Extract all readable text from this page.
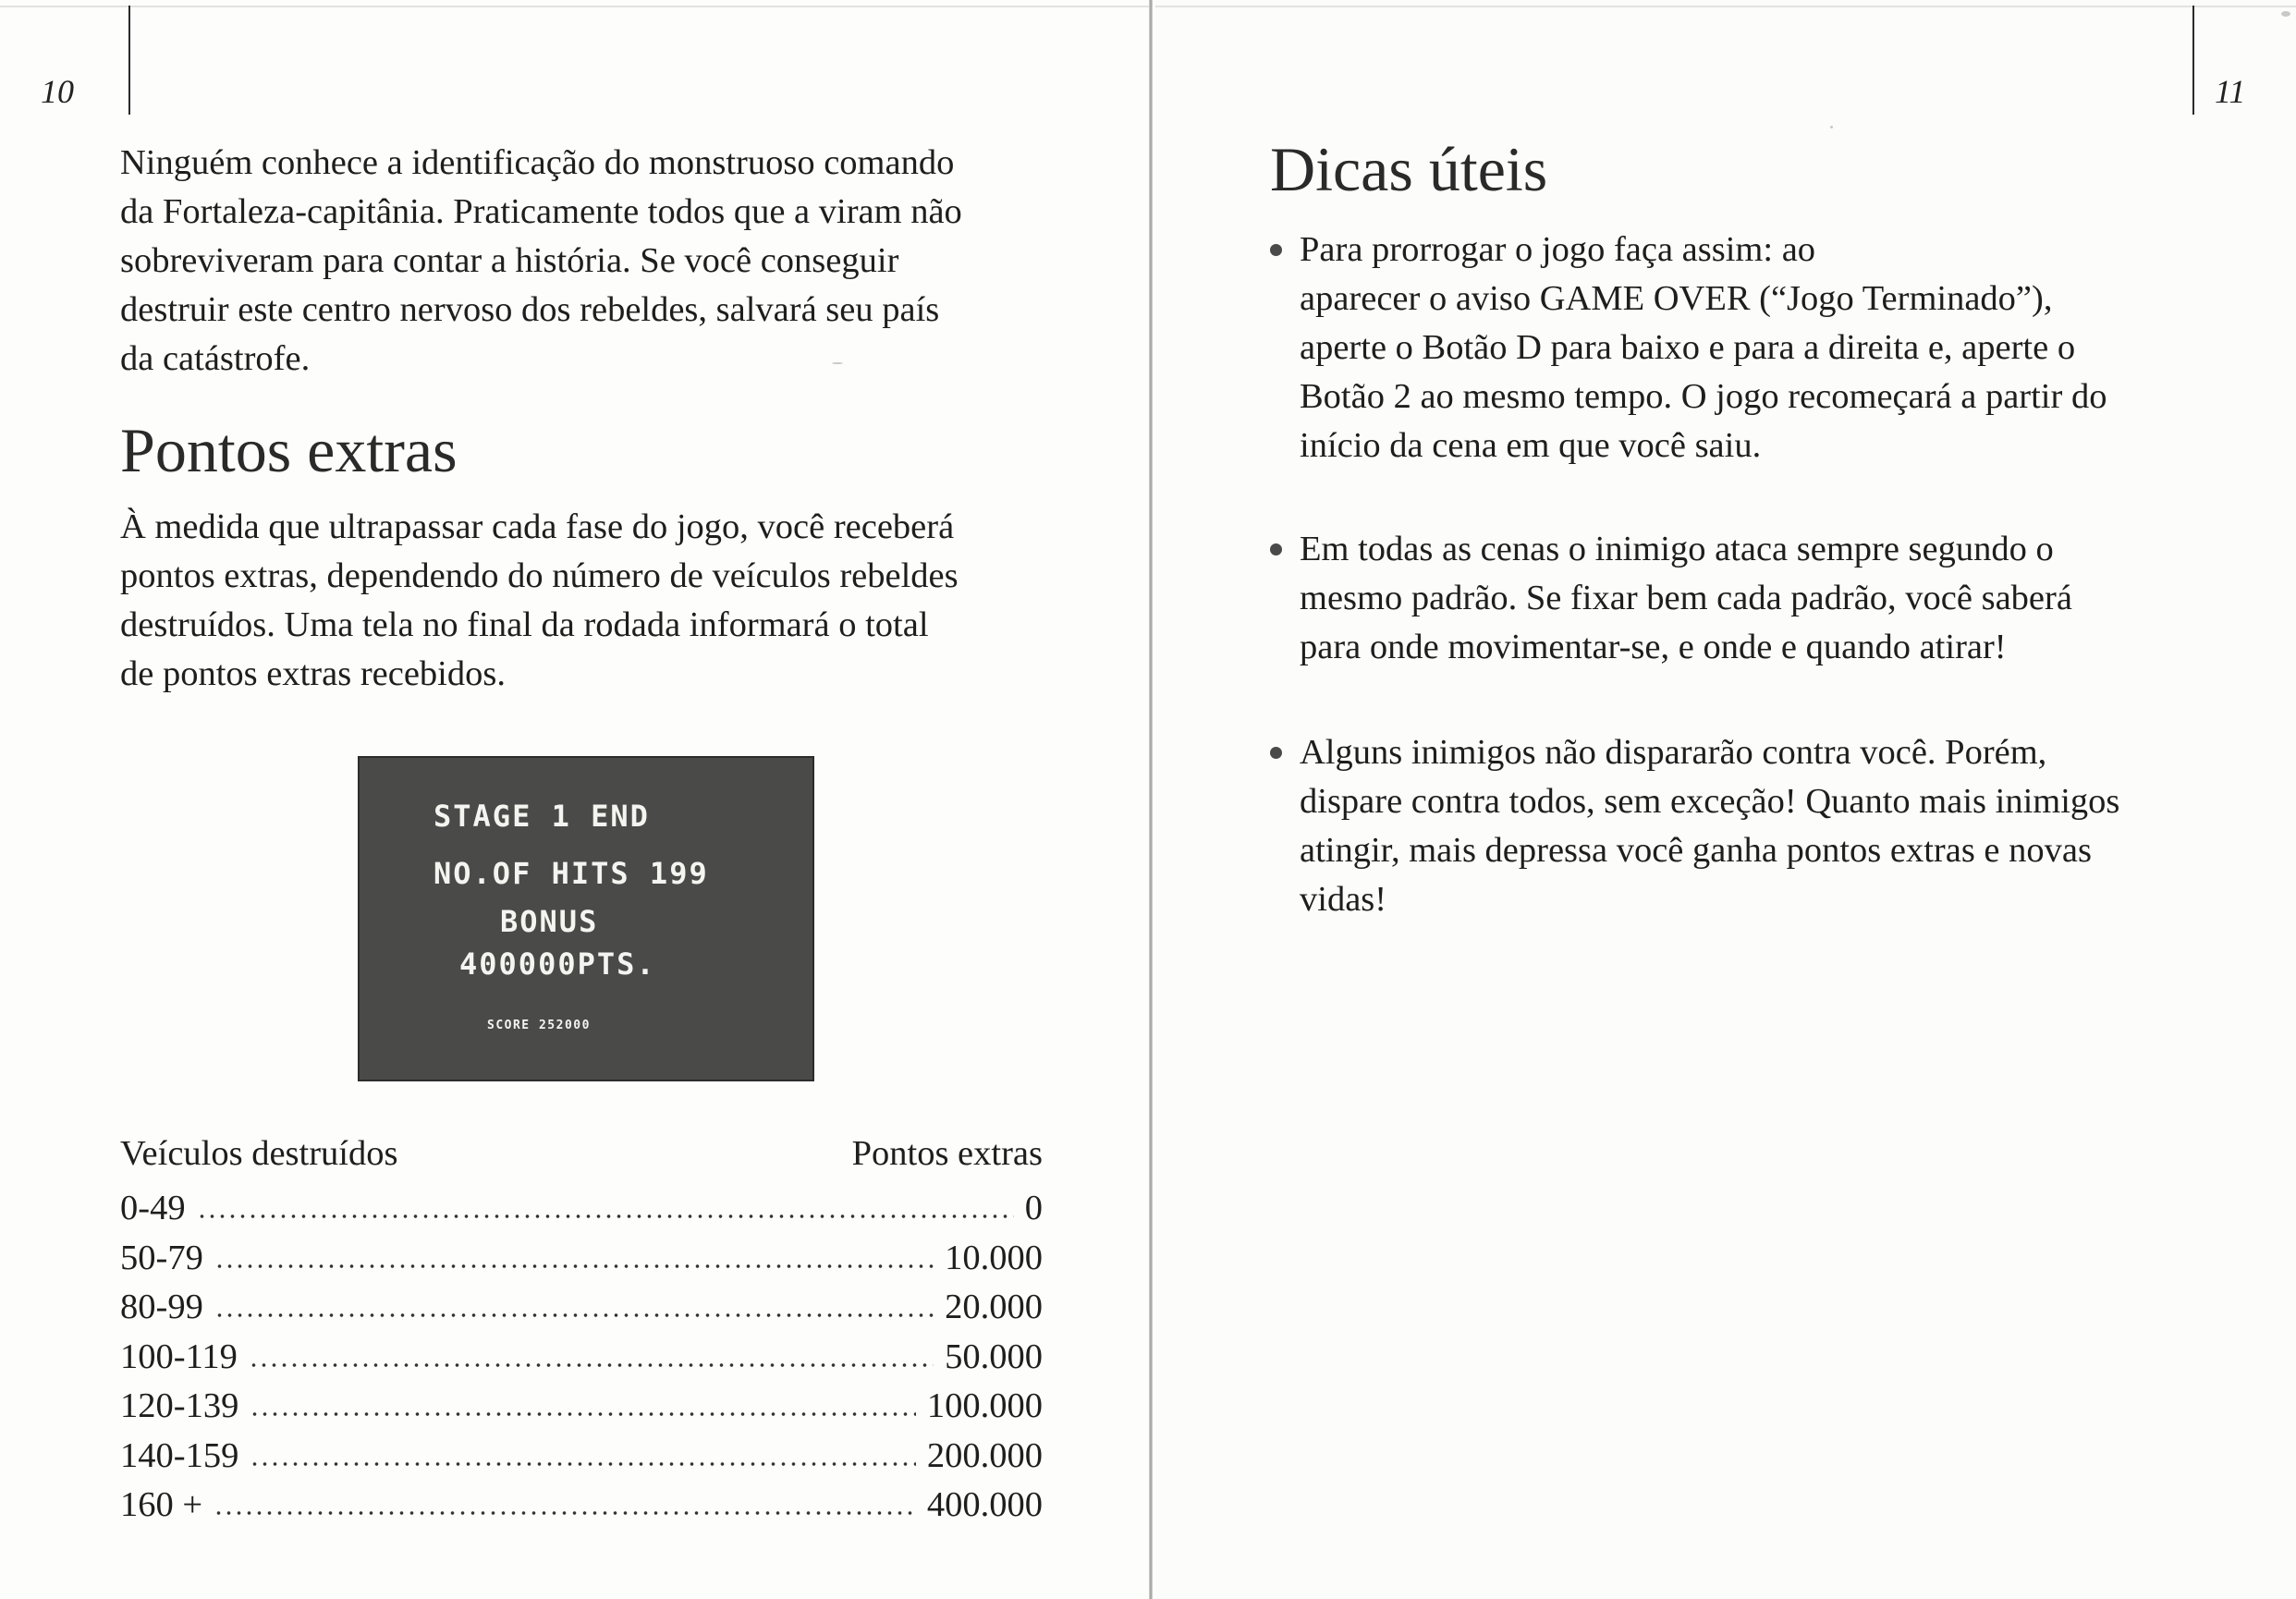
10

Ninguém conhece a identificação do monstruoso comando
da Fortaleza-capitânia. Praticamente todos que a viram não
sobreviveram para contar a história. Se você conseguir
destruir este centro nervoso dos rebeldes, salvará seu país
da catástrofe.

Pontos extras

À medida que ultrapassar cada fase do jogo, você receberá
pontos extras, dependendo do número de veículos rebeldes
destruídos. Uma tela no final da rodada informará o total
de pontos extras recebidos.

STAGE 1 END
NO.OF HITS 199
BONUS
400000PTS.
SCORE 252000
Veículos destruídos	Pontos extras
0-49	0
50-79	10.000
80-99	20.000
100-119	50.000
120-139	100.000
140-159	200.000
160 +	400.000
11
Dicas úteis

Para prorrogar o jogo faça assim: ao
aparecer o aviso GAME OVER (“Jogo Terminado”),
aperte o Botão D para baixo e para a direita e, aperte o
Botão 2 ao mesmo tempo. O jogo recomeçará a partir do
início da cena em que você saiu.

Em todas as cenas o inimigo ataca sempre segundo o
mesmo padrão. Se fixar bem cada padrão, você saberá
para onde movimentar-se, e onde e quando atirar!

Alguns inimigos não dispararão contra você. Porém,
dispare contra todos, sem exceção! Quanto mais inimigos
atingir, mais depressa você ganha pontos extras e novas
vidas!
